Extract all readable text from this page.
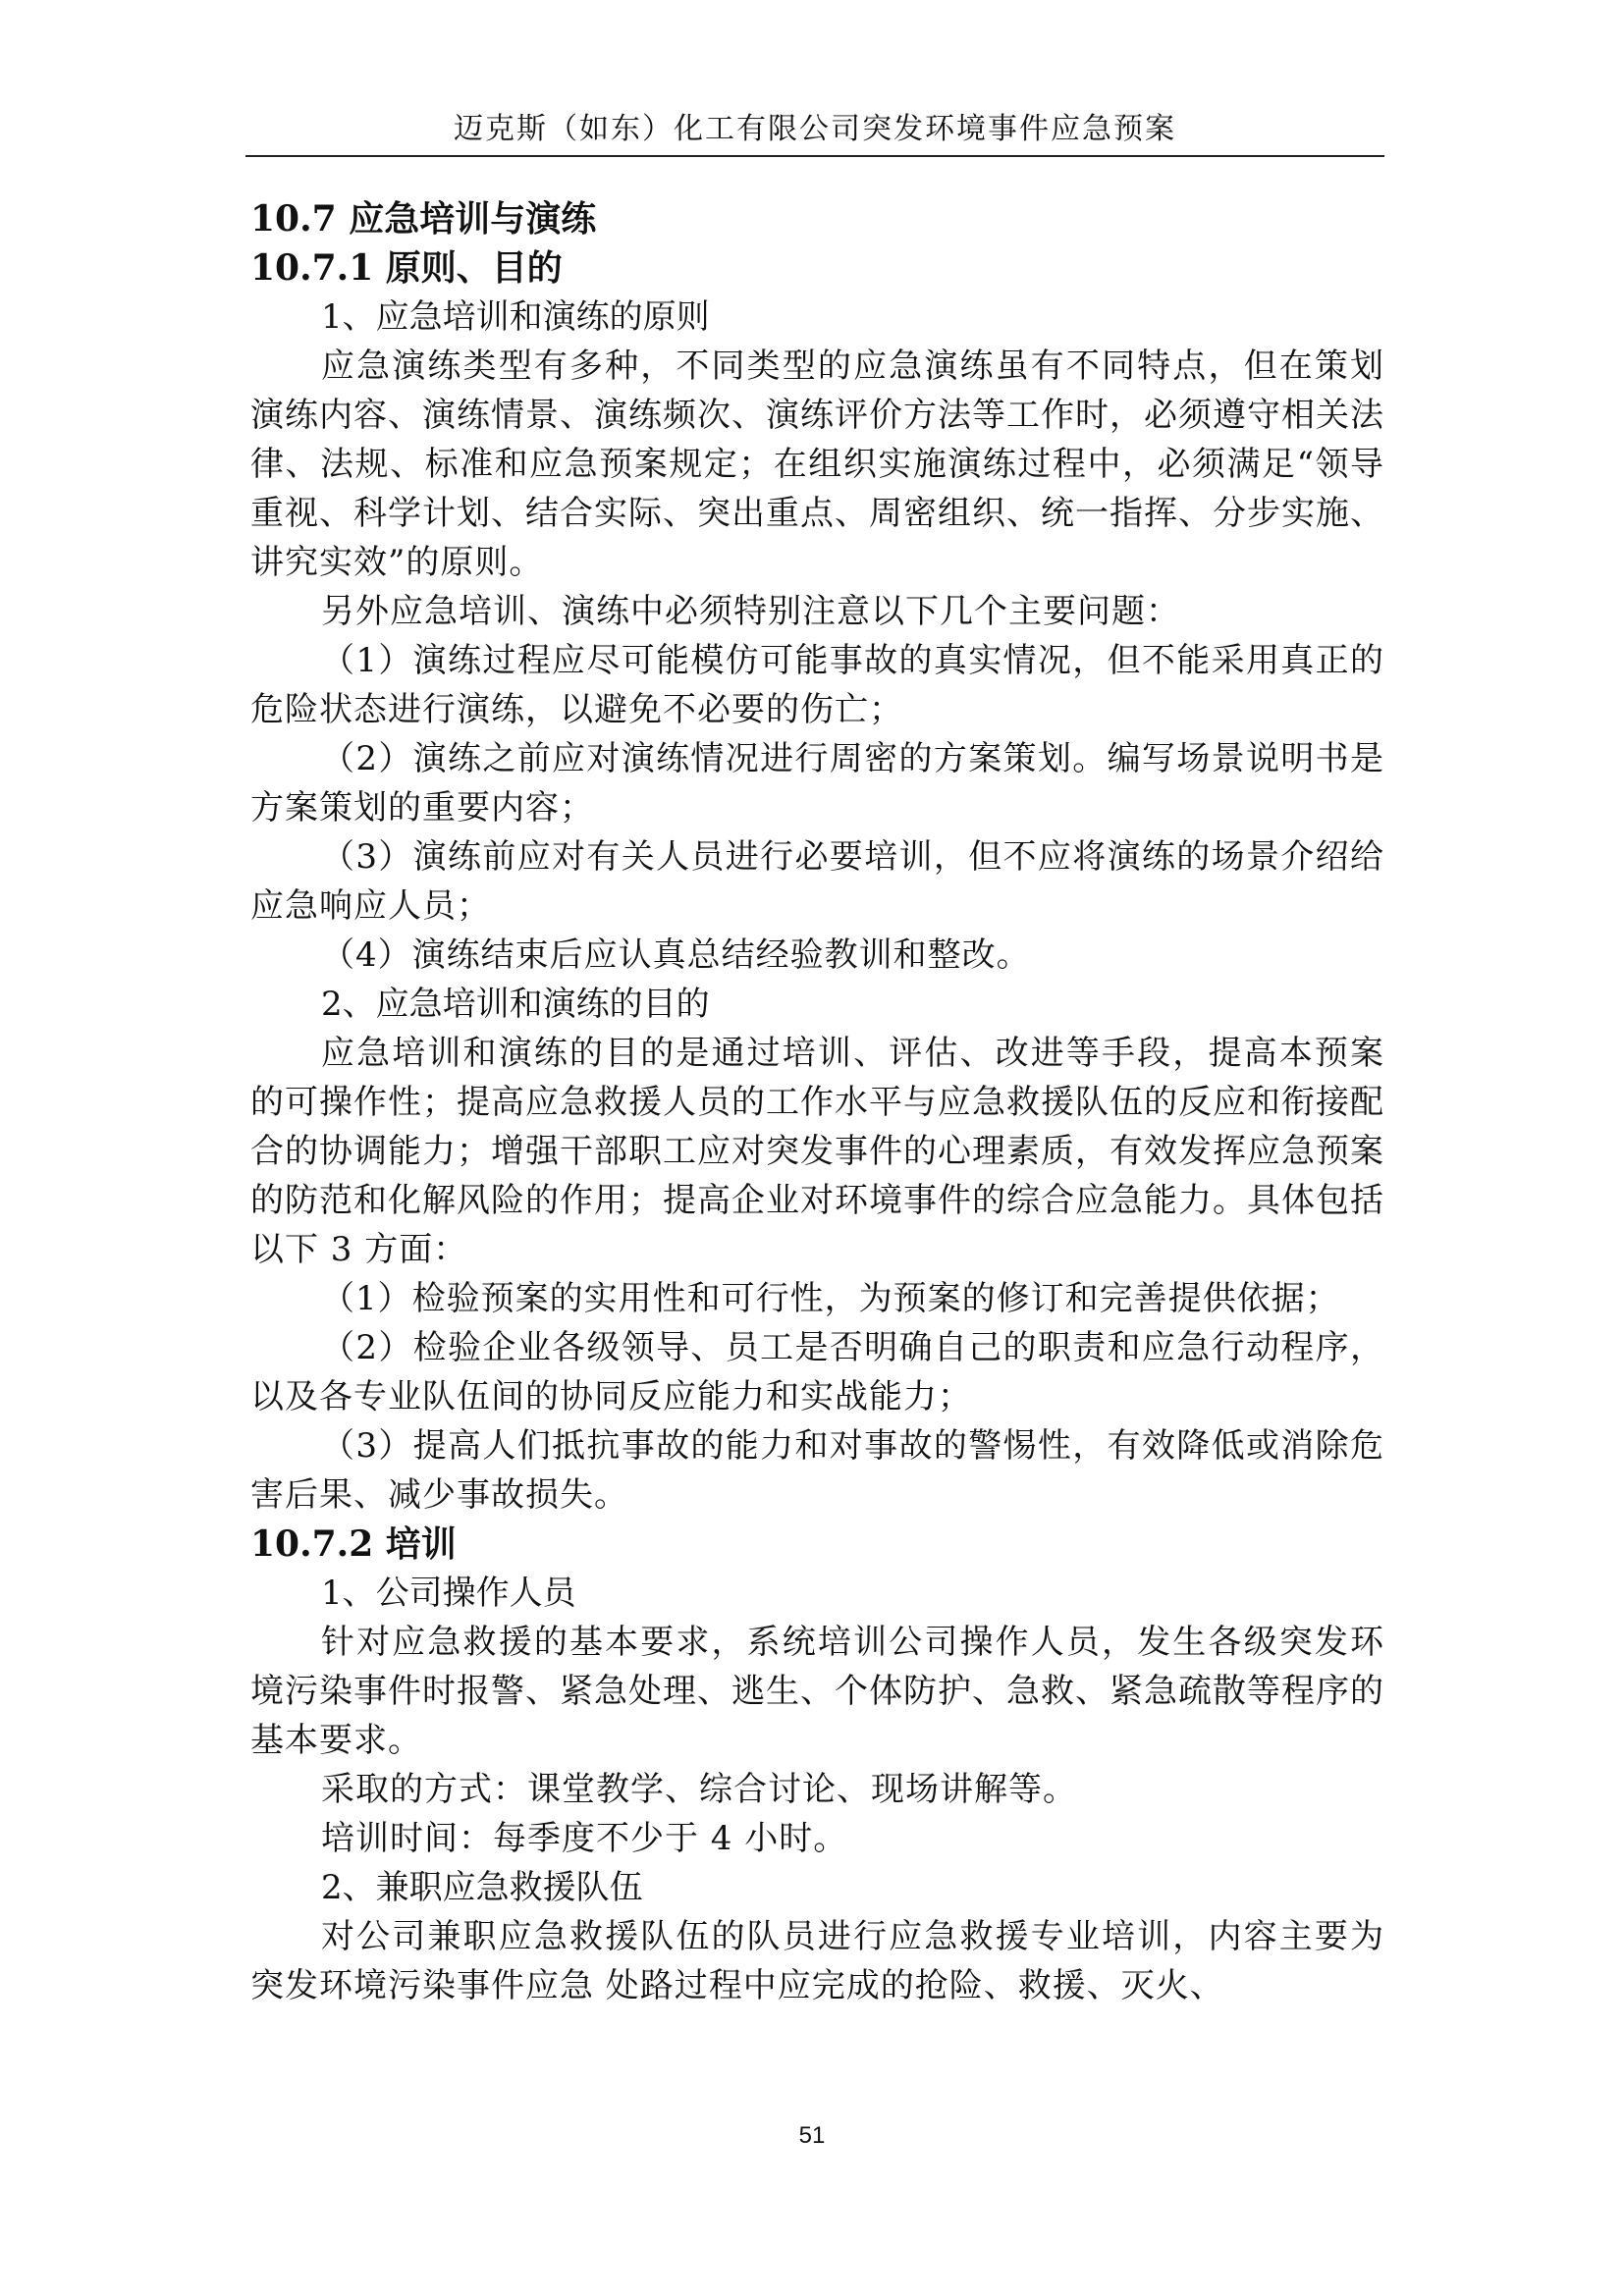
迈克斯（如东）化工有限公司突发环境事件应急预案

10.7 应急培训与演练

10.7.1 原则、目的

1、应急培训和演练的原则

应急演练类型有多种，不同类型的应急演练虽有不同特点，但在策划演练内容、演练情景、演练频次、演练评价方法等工作时，必须遵守相关法律、法规、标准和应急预案规定；在组织实施演练过程中，必须满足“领导重视、科学计划、结合实际、突出重点、周密组织、统一指挥、分步实施、讲究实效”的原则。

另外应急培训、演练中必须特别注意以下几个主要问题：

（1）演练过程应尽可能模仿可能事故的真实情况，但不能采用真正的危险状态进行演练，以避免不必要的伤亡；

（2）演练之前应对演练情况进行周密的方案策划。编写场景说明书是方案策划的重要内容；

（3）演练前应对有关人员进行必要培训，但不应将演练的场景介绍给应急响应人员；

（4）演练结束后应认真总结经验教训和整改。

2、应急培训和演练的目的

应急培训和演练的目的是通过培训、评估、改进等手段，提高本预案的可操作性；提高应急救援人员的工作水平与应急救援队伍的反应和衔接配合的协调能力；增强干部职工应对突发事件的心理素质，有效发挥应急预案的防范和化解风险的作用；提高企业对环境事件的综合应急能力。具体包括以下 3 方面：

（1）检验预案的实用性和可行性，为预案的修订和完善提供依据；

（2）检验企业各级领导、员工是否明确自己的职责和应急行动程序，以及各专业队伍间的协同反应能力和实战能力；

（3）提高人们抵抗事故的能力和对事故的警惕性，有效降低或消除危害后果、减少事故损失。

10.7.2 培训

1、公司操作人员

针对应急救援的基本要求，系统培训公司操作人员，发生各级突发环境污染事件时报警、紧急处理、逃生、个体防护、急救、紧急疏散等程序的基本要求。

采取的方式：课堂教学、综合讨论、现场讲解等。

培训时间：每季度不少于 4 小时。

2、兼职应急救援队伍

对公司兼职应急救援队伍的队员进行应急救援专业培训，内容主要为突发环境污染事件应急 处路过程中应完成的抢险、救援、灭火、

51
